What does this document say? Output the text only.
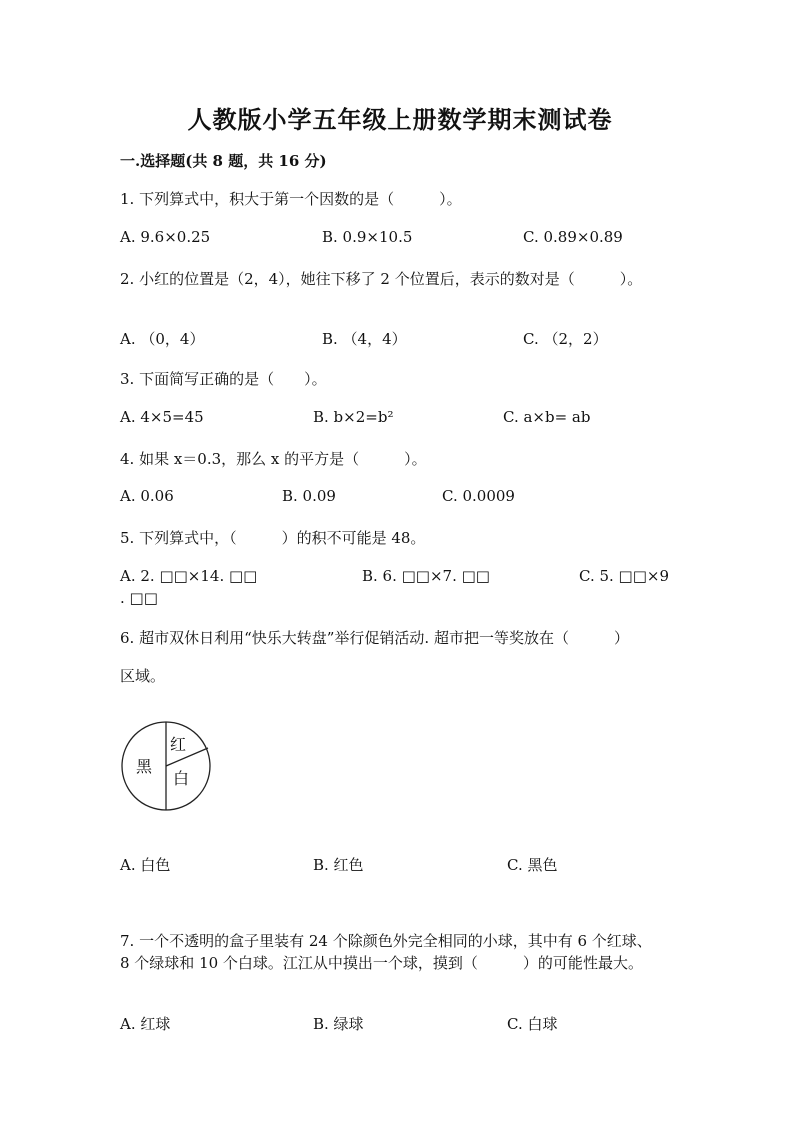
人教版小学五年级上册数学期末测试卷
一.选择题(共 8 题，共 16 分)
1. 下列算式中，积大于第一个因数的是（　　　）。
A. 9.6×0.25	B. 0.9×10.5	C. 0.89×0.89
2. 小红的位置是（2，4），她往下移了 2 个位置后，表示的数对是（　　　）。
A. （0，4）	B. （4，4）	C. （2，2）
3. 下面简写正确的是（　　）。
A. 4×5=45	B. b×2=b²	C. a×b= ab
4. 如果 x＝0.3，那么 x 的平方是（　　　）。
A. 0.06	B. 0.09	C. 0.0009
5. 下列算式中，（　　　）的积不可能是 48。
A. 2. □□×14. □□	B. 6. □□×7. □□	C. 5. □□×9
. □□
6. 超市双休日利用“快乐大转盘”举行促销活动. 超市把一等奖放在（　　　）
区域。
黑
红
白
A. 白色	B. 红色	C. 黑色
7. 一个不透明的盒子里装有 24 个除颜色外完全相同的小球，其中有 6 个红球、
8 个绿球和 10 个白球。江江从中摸出一个球，摸到（　　　）的可能性最大。
A. 红球	B. 绿球	C. 白球
